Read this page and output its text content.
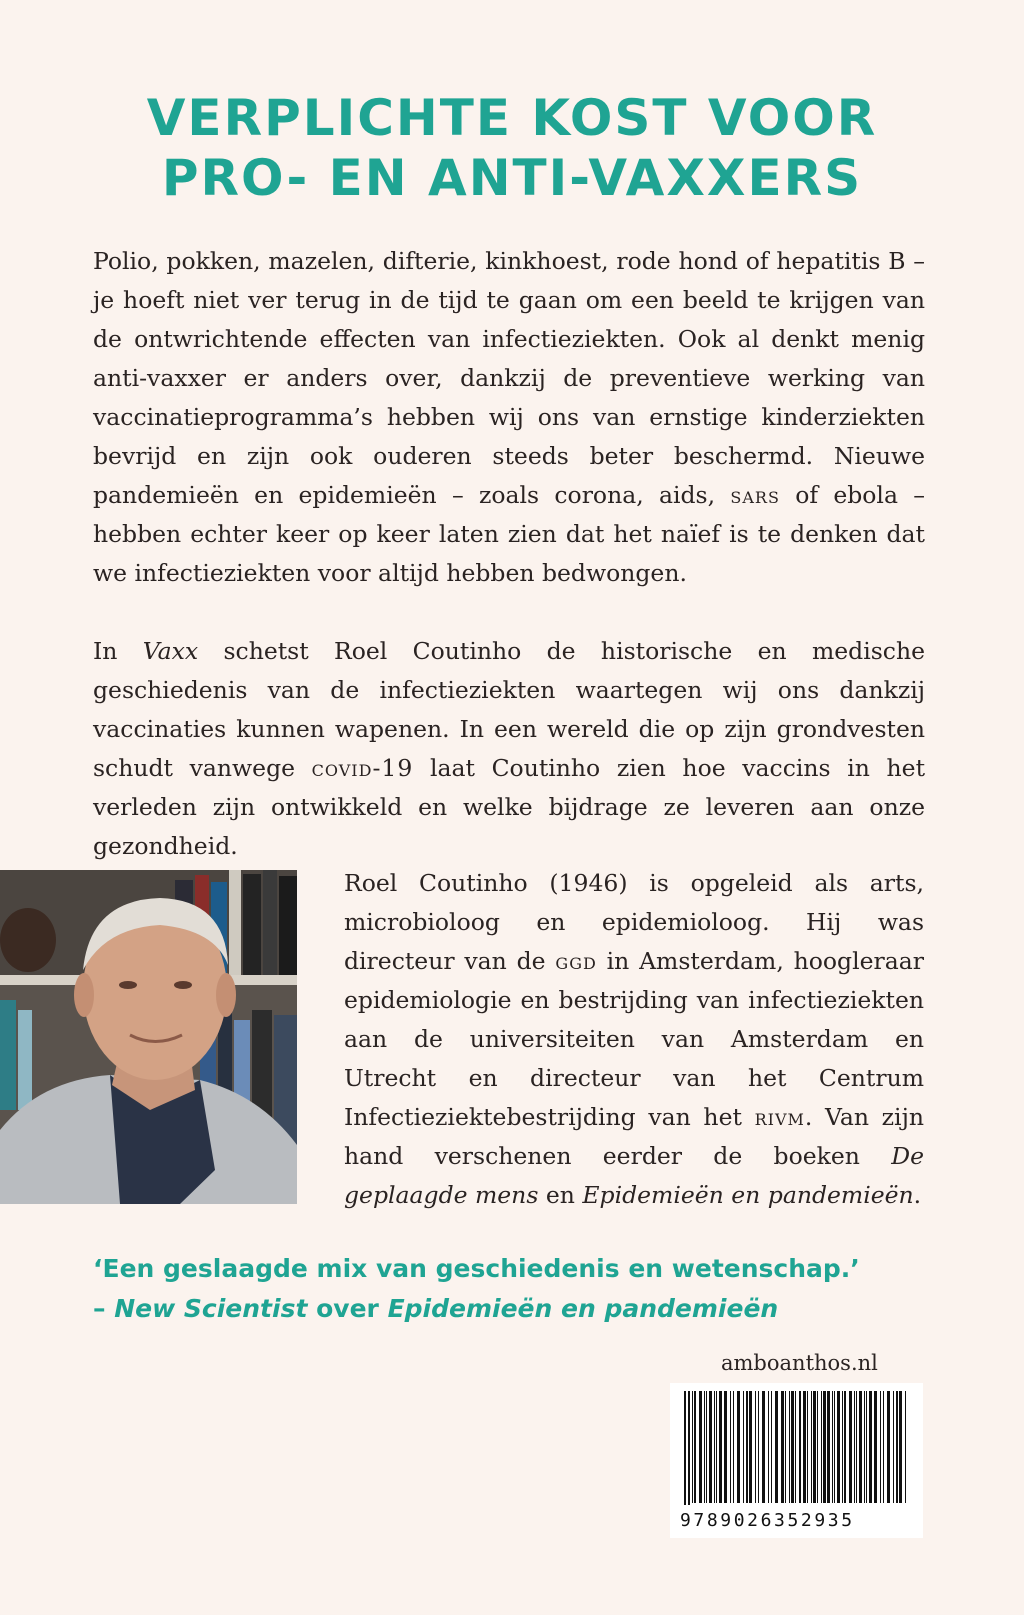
VERPLICHTE KOST VOOR
PRO- EN ANTI-VAXXERS

Polio, pokken, mazelen, difterie, kinkhoest, rode hond of hepatitis B – je hoeft niet ver terug in de tijd te gaan om een beeld te krijgen van de ontwrichtende effecten van infectieziekten. Ook al denkt menig anti-vaxxer er anders over, dankzij de preventieve werking van vaccinatieprogramma’s hebben wij ons van ernstige kinderziekten bevrijd en zijn ook ouderen steeds beter beschermd. Nieuwe pandemieën en epidemieën – zoals corona, aids, sars of ebola – hebben echter keer op keer laten zien dat het naïef is te denken dat we infectieziekten voor altijd hebben bedwongen.

In Vaxx schetst Roel Coutinho de historische en medische geschiedenis van de infectieziekten waartegen wij ons dankzij vaccinaties kunnen wapenen. In een wereld die op zijn grondvesten schudt vanwege covid-19 laat Coutinho zien hoe vaccins in het verleden zijn ontwikkeld en welke bijdrage ze leveren aan onze gezondheid.

Roel Coutinho (1946) is opgeleid als arts, microbioloog en epidemioloog. Hij was directeur van de ggd in Amsterdam, hoogleraar epidemiologie en bestrijding van infectieziekten aan de universiteiten van Amsterdam en Utrecht en directeur van het Centrum Infectieziektebestrijding van het rivm. Van zijn hand verschenen eerder de boeken De geplaagde mens en Epidemieën en pandemieën.

‘Een geslaagde mix van geschiedenis en wetenschap.’
– New Scientist over Epidemieën en pandemieën

amboanthos.nl
9789026352935
